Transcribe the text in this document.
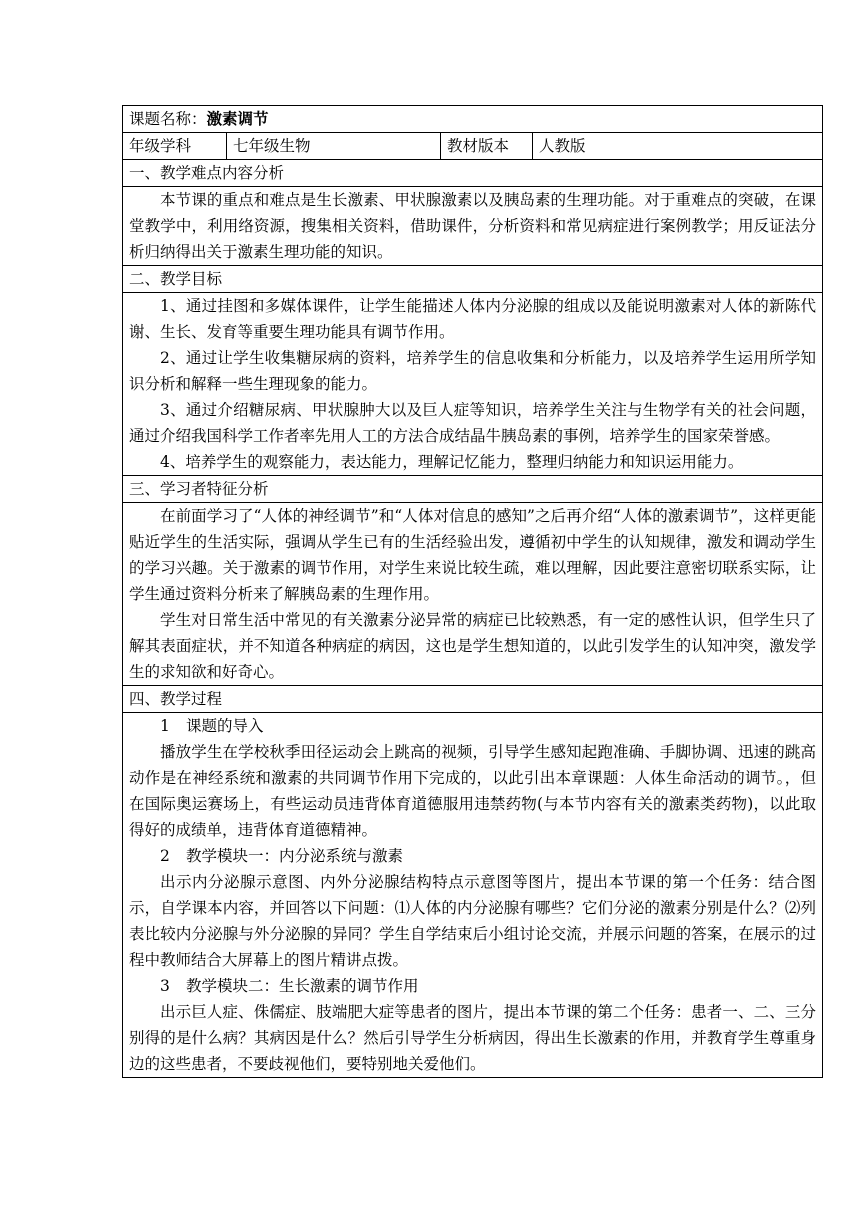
课题名称：激素调节
年级学科	七年级生物	教材版本	人教版
一、教学难点内容分析

本节课的重点和难点是生长激素、甲状腺激素以及胰岛素的生理功能。对于重难点的突破，在课堂教学中，利用络资源，搜集相关资料，借助课件，分析资料和常见病症进行案例教学；用反证法分析归纳得出关于激素生理功能的知识。

二、教学目标

1、通过挂图和多媒体课件，让学生能描述人体内分泌腺的组成以及能说明激素对人体的新陈代谢、生长、发育等重要生理功能具有调节作用。

2、通过让学生收集糖尿病的资料，培养学生的信息收集和分析能力，以及培养学生运用所学知识分析和解释一些生理现象的能力。

3、通过介绍糖尿病、甲状腺肿大以及巨人症等知识，培养学生关注与生物学有关的社会问题，通过介绍我国科学工作者率先用人工的方法合成结晶牛胰岛素的事例，培养学生的国家荣誉感。

4、培养学生的观察能力，表达能力，理解记忆能力，整理归纳能力和知识运用能力。

三、学习者特征分析

在前面学习了“人体的神经调节”和“人体对信息的感知”之后再介绍“人体的激素调节”，这样更能贴近学生的生活实际，强调从学生已有的生活经验出发，遵循初中学生的认知规律，激发和调动学生的学习兴趣。关于激素的调节作用，对学生来说比较生疏，难以理解，因此要注意密切联系实际，让学生通过资料分析来了解胰岛素的生理作用。

学生对日常生活中常见的有关激素分泌异常的病症已比较熟悉，有一定的感性认识，但学生只了解其表面症状，并不知道各种病症的病因，这也是学生想知道的，以此引发学生的认知冲突，激发学生的求知欲和好奇心。

四、教学过程

1 课题的导入

播放学生在学校秋季田径运动会上跳高的视频，引导学生感知起跑准确、手脚协调、迅速的跳高动作是在神经系统和激素的共同调节作用下完成的，以此引出本章课题：人体生命活动的调节。，但在国际奥运赛场上，有些运动员违背体育道德服用违禁药物(与本节内容有关的激素类药物)，以此取得好的成绩单，违背体育道德精神。

2 教学模块一：内分泌系统与激素

出示内分泌腺示意图、内外分泌腺结构特点示意图等图片，提出本节课的第一个任务：结合图示，自学课本内容，并回答以下问题：⑴人体的内分泌腺有哪些？它们分泌的激素分别是什么？⑵列表比较内分泌腺与外分泌腺的异同？学生自学结束后小组讨论交流，并展示问题的答案，在展示的过程中教师结合大屏幕上的图片精讲点拨。

3 教学模块二：生长激素的调节作用

出示巨人症、侏儒症、肢端肥大症等患者的图片，提出本节课的第二个任务：患者一、二、三分别得的是什么病？其病因是什么？然后引导学生分析病因，得出生长激素的作用，并教育学生尊重身边的这些患者，不要歧视他们，要特别地关爱他们。
